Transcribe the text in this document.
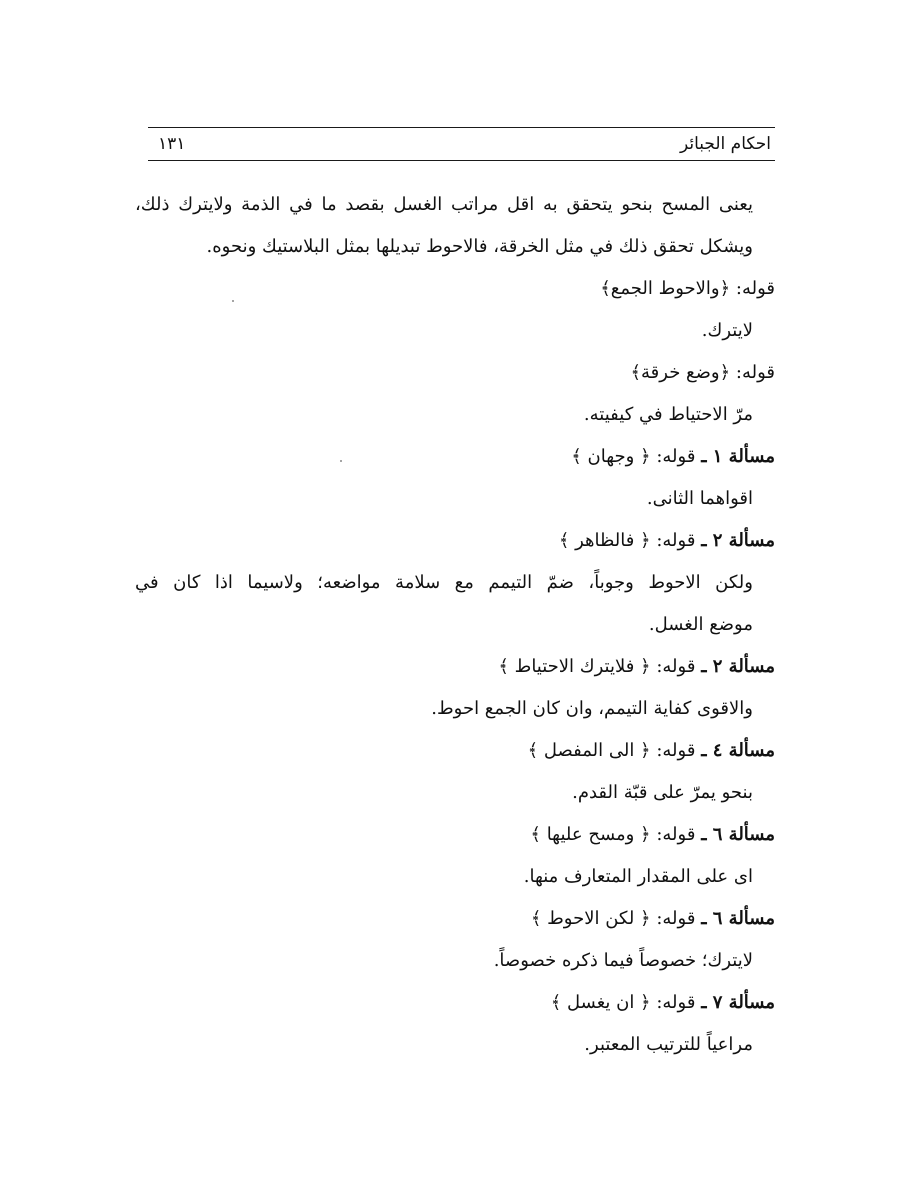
احكام الجبائر
١٣١
يعنى المسح بنحو يتحقق به اقل مراتب الغسل بقصد ما في الذمة ولايترك ذلك،
ويشكل تحقق ذلك في مثل الخرقة، فالاحوط تبديلها بمثل البلاستيك ونحوه.
قوله: ﴿والاحوط الجمع﴾
لايترك.
قوله: ﴿وضع خرقة﴾
مرّ الاحتياط في كيفيته.
مسألة ١ ـ قوله: ﴿ وجهان ﴾
اقواهما الثانى.
مسألة ٢ ـ قوله: ﴿ فالظاهر ﴾
ولكن الاحوط وجوباً، ضمّ التيمم مع سلامة مواضعه؛ ولاسيما اذا كان في
موضع الغسل.
مسألة ٢ ـ قوله: ﴿ فلايترك الاحتياط ﴾
والاقوى كفاية التيمم، وان كان الجمع احوط.
مسألة ٤ ـ قوله: ﴿ الى المفصل ﴾
بنحو يمرّ على قبّة القدم.
مسألة ٦ ـ قوله: ﴿ ومسح عليها ﴾
اى على المقدار المتعارف منها.
مسألة ٦ ـ قوله: ﴿ لكن الاحوط ﴾
لايترك؛ خصوصاً فيما ذكره خصوصاً.
مسألة ٧ ـ قوله: ﴿ ان يغسل ﴾
مراعياً للترتيب المعتبر.
